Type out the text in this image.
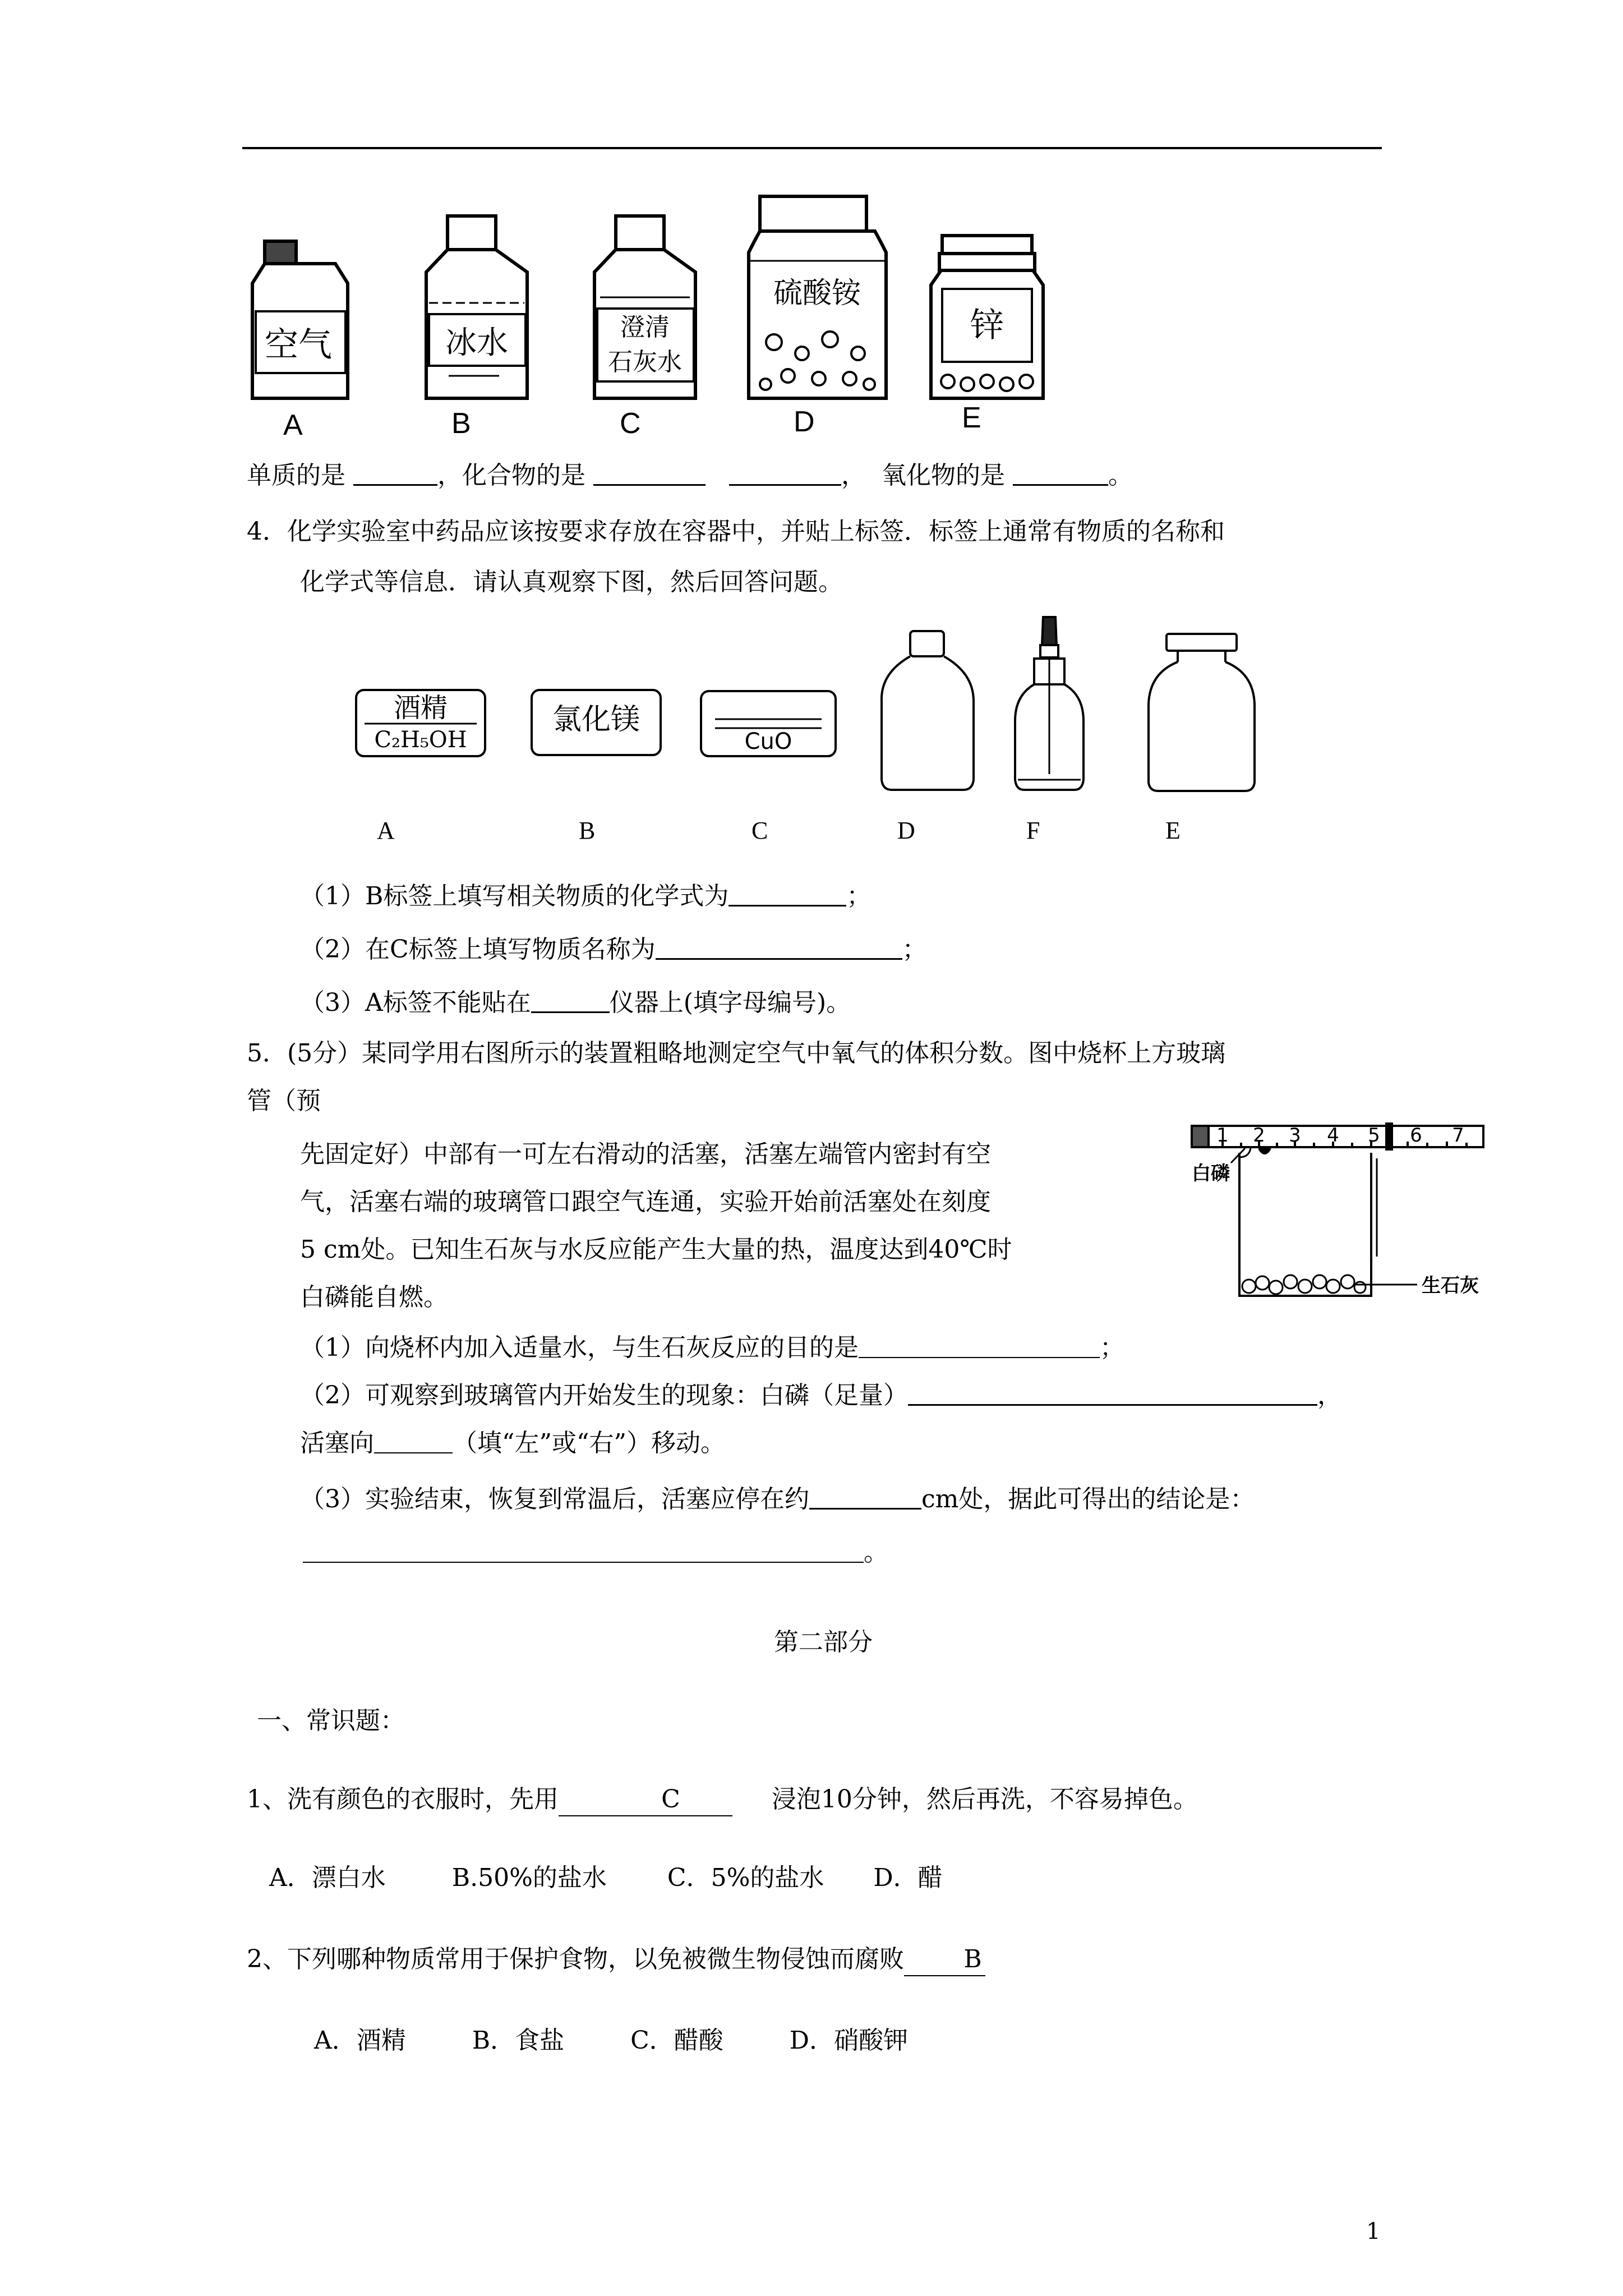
空气	冰水	澄清
石灰水
硫酸铵
锌
A	B	C	D	E
单质的是	，化合物的是	， 氧化物的是	。
4．化学实验室中药品应该按要求存放在容器中，并贴上标签．标签上通常有物质的名称和
化学式等信息．请认真观察下图，然后回答问题。
酒精
C₂H₅OH
氯化镁
CuO
A	B	C	D	F	E
（1）B标签上填写相关物质的化学式为	；
（2）在C标签上填写物质名称为	；
（3）A标签不能贴在	仪器上(填字母编号)。
5．(5分）某同学用右图所示的装置粗略地测定空气中氧气的体积分数。图中烧杯上方玻璃
管（预
先固定好）中部有一可左右滑动的活塞，活塞左端管内密封有空
气，活塞右端的玻璃管口跟空气连通，实验开始前活塞处在刻度
5 cm处。已知生石灰与水反应能产生大量的热，温度达到40℃时
白磷能自燃。
1 2 3 4 5 6 7
白磷
生石灰
（1）向烧杯内加入适量水，与生石灰反应的目的是	；
（2）可观察到玻璃管内开始发生的现象：白磷（足量）	，
活塞向	（填“左”或“右”）移动。
（3）实验结束，恢复到常温后，活塞应停在约	cm处，据此可得出的结论是：
。
第二部分
一、常识题：
1、洗有颜色的衣服时，先用	C	浸泡10分钟，然后再洗，不容易掉色。
A．漂白水	B.50%的盐水 C．5%的盐水 D．醋
2、下列哪种物质常用于保护食物，以免被微生物侵蚀而腐败 B
A．酒精	B．食盐	C．醋酸	D．硝酸钾
1
